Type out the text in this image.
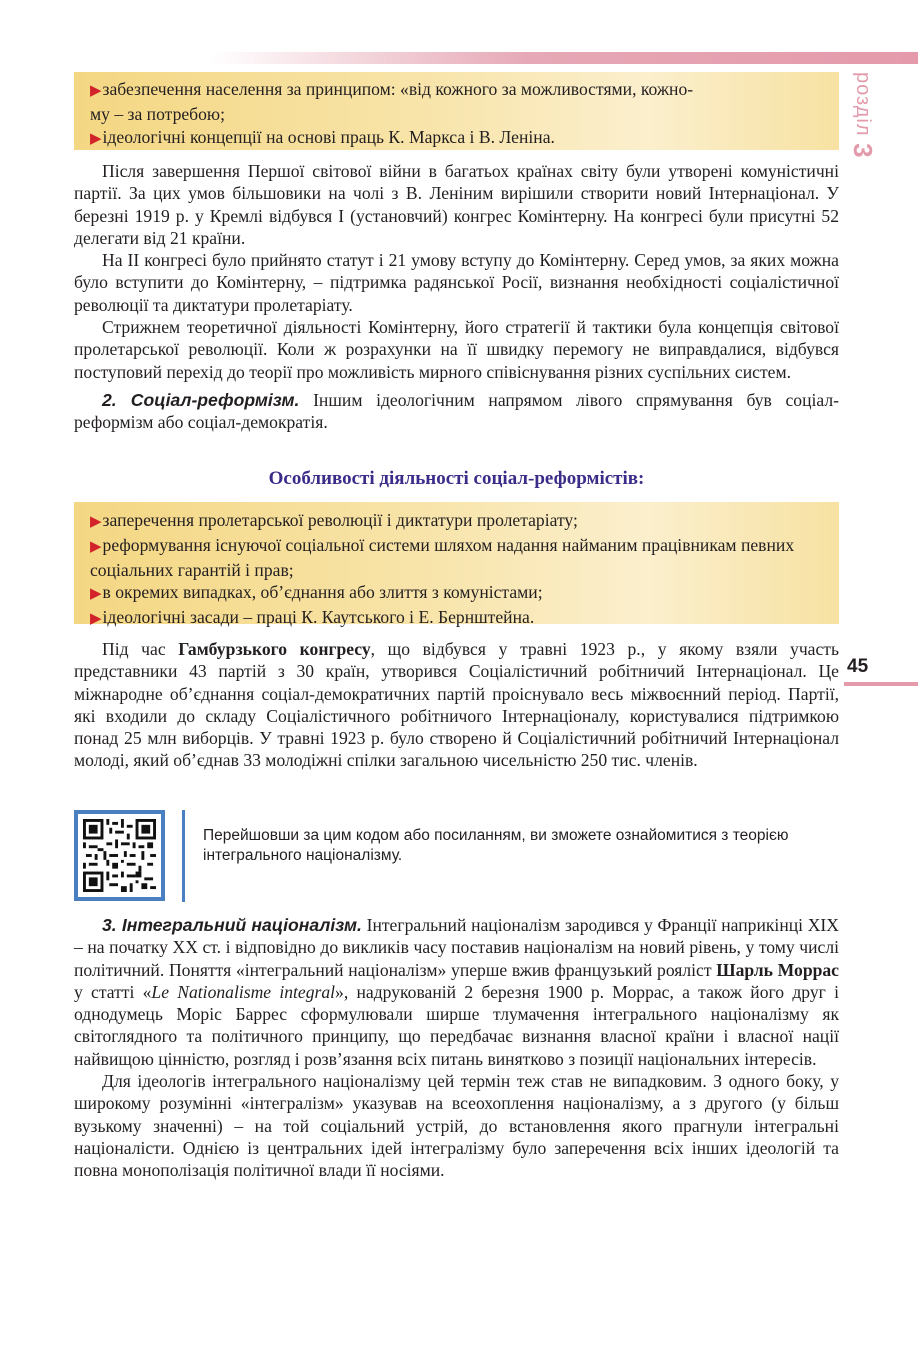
розділ 3
45
▶забезпечення населення за принципом: «від кожного за можливостями, кожно-
му – за потребою;
▶ідеологічні концепції на основі праць К. Маркса і В. Леніна.

Після завершення Першої світової війни в багатьох країнах світу були утворені комуністичні партії. За цих умов більшовики на чолі з В. Леніним вирішили створити новий Інтернаціонал. У березні 1919 р. у Кремлі відбувся І (установчий) конгрес Комінтерну. На конгресі були присутні 52 делегати від 21 країни.

На ІІ конгресі було прийнято статут і 21 умову вступу до Комінтерну. Серед умов, за яких можна було вступити до Комінтерну, – підтримка радянської Росії, визнання необхідності соціалістичної революції та диктатури пролетаріату.

Стрижнем теоретичної діяльності Комінтерну, його стратегії й тактики була концепція світової пролетарської революції. Коли ж розрахунки на її швидку перемогу не виправдалися, відбувся поступовий перехід до теорії про можливість мирного співіснування різних суспільних систем.

2. Соціал-реформізм. Іншим ідеологічним напрямом лівого спрямування був соціал-реформізм або соціал-демократія.

Особливості діяльності соціал-реформістів:
▶заперечення пролетарської революції і диктатури пролетаріату;
▶реформування існуючої соціальної системи шляхом надання найманим працівникам певних соціальних гарантій і прав;
▶в окремих випадках, об’єднання або злиття з комуністами;
▶ідеологічні засади – праці К. Каутського і Е. Бернштейна.

Під час Гамбурзького конгресу, що відбувся у травні 1923 р., у якому взяли участь представники 43 партій з 30 країн, утворився Соціалістичний робітничий Інтернаціонал. Це міжнародне об’єднання соціал-демократичних партій проіснувало весь міжвоєнний період. Партії, які входили до складу Соціалістичного робітничого Інтернаціоналу, користувалися підтримкою понад 25 млн виборців. У травні 1923 р. було створено й Соціалістичний робітничий Інтернаціонал молоді, який об’єднав 33 молодіжні спілки загальною чисельністю 250 тис. членів.

Перейшовши за цим кодом або посиланням, ви зможете ознайомитися з теорією інтегрального націоналізму.

3. Інтегральний націоналізм. Інтегральний націоналізм зародився у Франції наприкінці XIX – на початку XX ст. і відповідно до викликів часу поставив націоналізм на новий рівень, у тому числі політичний. Поняття «інтегральний націоналізм» уперше вжив французький рояліст Шарль Моррас у статті «Le Nationalisme integral», надрукованій 2 березня 1900 р. Моррас, а також його друг і однодумець Моріс Баррес сформулювали ширше тлумачення інтегрального націоналізму як світоглядного та політичного принципу, що передбачає визнання власної країни і власної нації найвищою цінністю, розгляд і розв’язання всіх питань винятково з позиції національних інтересів.

Для ідеологів інтегрального націоналізму цей термін теж став не випадковим. З одного боку, у широкому розумінні «інтегралізм» указував на всеохоплення націоналізму, а з другого (у більш вузькому значенні) – на той соціальний устрій, до встановлення якого прагнули інтегральні націоналісти. Однією із центральних ідей інтегралізму було заперечення всіх інших ідеологій та повна монополізація політичної влади її носіями.
